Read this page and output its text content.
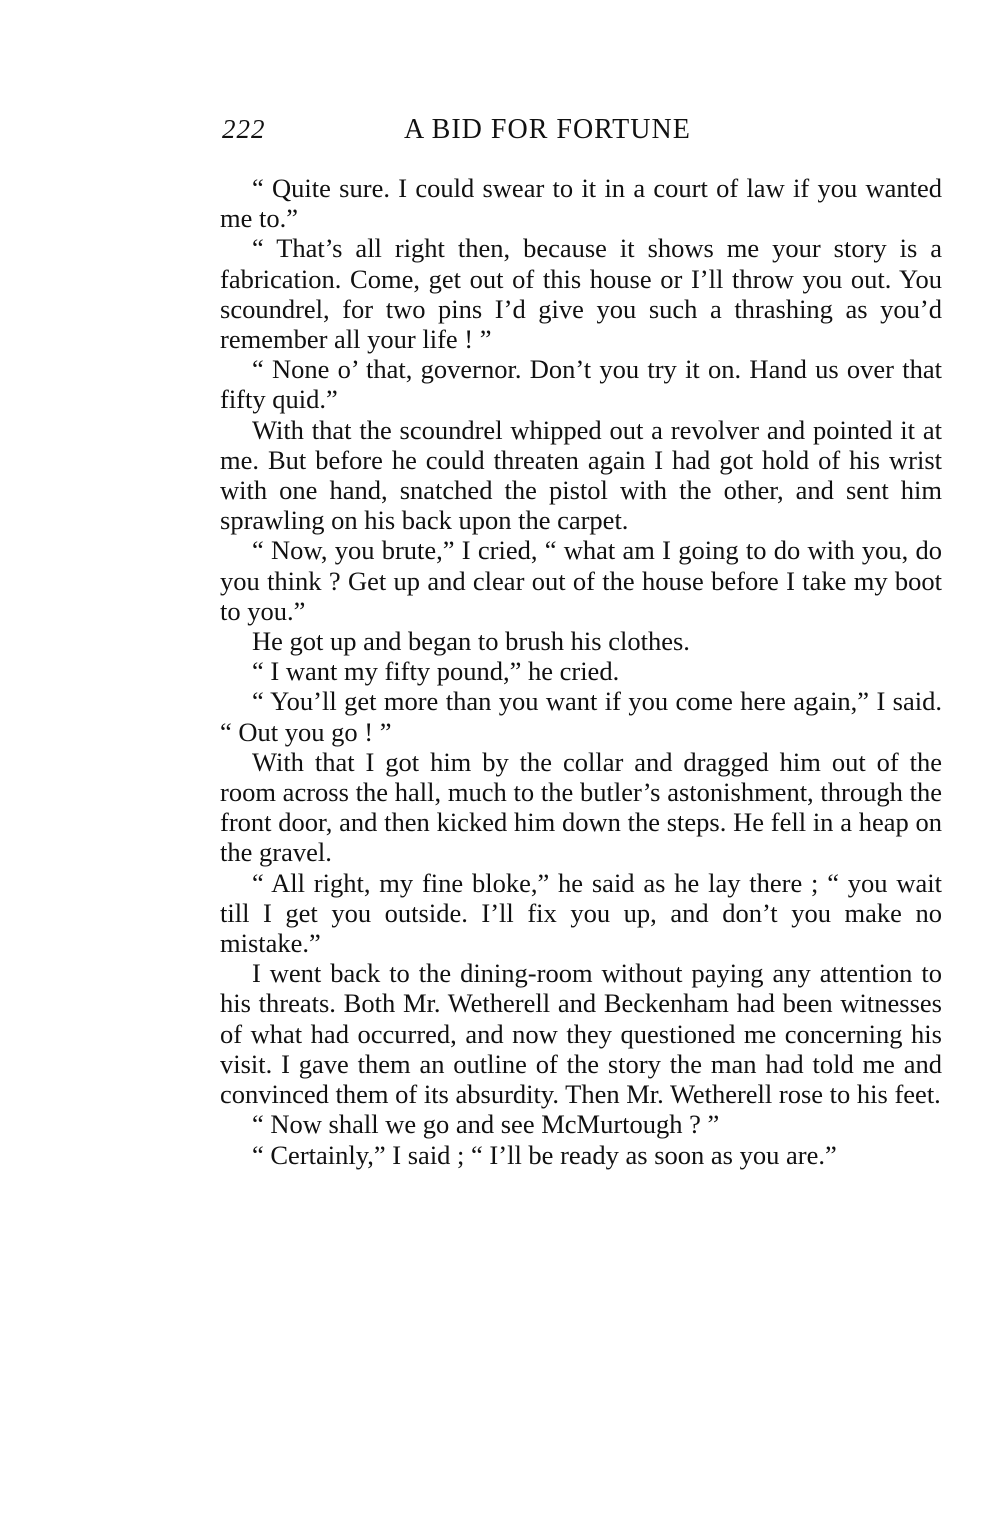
222	A BID FOR FORTUNE

“ Quite sure. I could swear to it in a court of law if you wanted me to.”

“ That’s all right then, because it shows me your story is a fabrication. Come, get out of this house or I’ll throw you out. You scoundrel, for two pins I’d give you such a thrashing as you’d remember all your life ! ”

“ None o’ that, governor. Don’t you try it on. Hand us over that fifty quid.”

With that the scoundrel whipped out a revolver and pointed it at me. But before he could threaten again I had got hold of his wrist with one hand, snatched the pistol with the other, and sent him sprawling on his back upon the carpet.

“ Now, you brute,” I cried, “ what am I going to do with you, do you think ? Get up and clear out of the house before I take my boot to you.”

He got up and began to brush his clothes.

“ I want my fifty pound,” he cried.

“ You’ll get more than you want if you come here again,” I said. “ Out you go ! ”

With that I got him by the collar and dragged him out of the room across the hall, much to the butler’s astonishment, through the front door, and then kicked him down the steps. He fell in a heap on the gravel.

“ All right, my fine bloke,” he said as he lay there ; “ you wait till I get you outside. I’ll fix you up, and don’t you make no mistake.”

I went back to the dining-room without paying any attention to his threats. Both Mr. Wetherell and Beckenham had been witnesses of what had occurred, and now they questioned me concerning his visit. I gave them an outline of the story the man had told me and convinced them of its absurdity. Then Mr. Wetherell rose to his feet.

“ Now shall we go and see McMurtough ? ”

“ Certainly,” I said ; “ I’ll be ready as soon as you are.”
